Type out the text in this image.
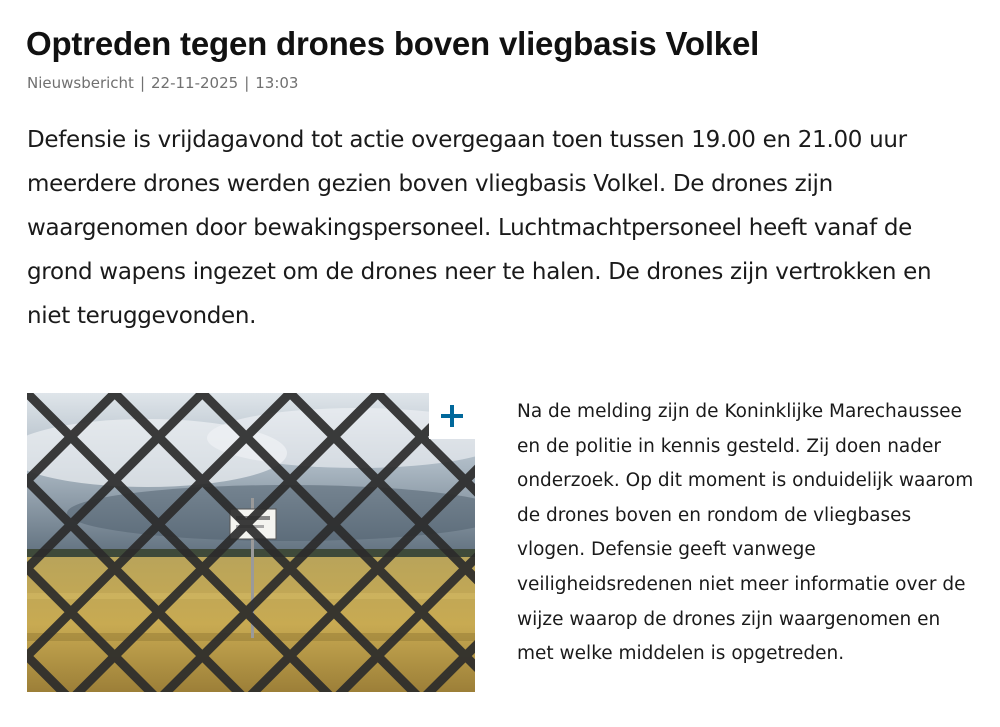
Optreden tegen drones boven vliegbasis Volkel
Nieuwsbericht | 22-11-2025 | 13:03

Defensie is vrijdagavond tot actie overgegaan toen tussen 19.00 en 21.00 uur meerdere drones werden gezien boven vliegbasis Volkel. De drones zijn waargenomen door bewakingspersoneel. Luchtmachtpersoneel heeft vanaf de grond wapens ingezet om de drones neer te halen. De drones zijn vertrokken en niet teruggevonden.

Na de melding zijn de Koninklijke Marechaussee en de politie in kennis gesteld. Zij doen nader onderzoek. Op dit moment is onduidelijk waarom de drones boven en rondom de vliegbases vlogen. Defensie geeft vanwege veiligheidsredenen niet meer informatie over de wijze waarop de drones zijn waargenomen en met welke middelen is opgetreden.
